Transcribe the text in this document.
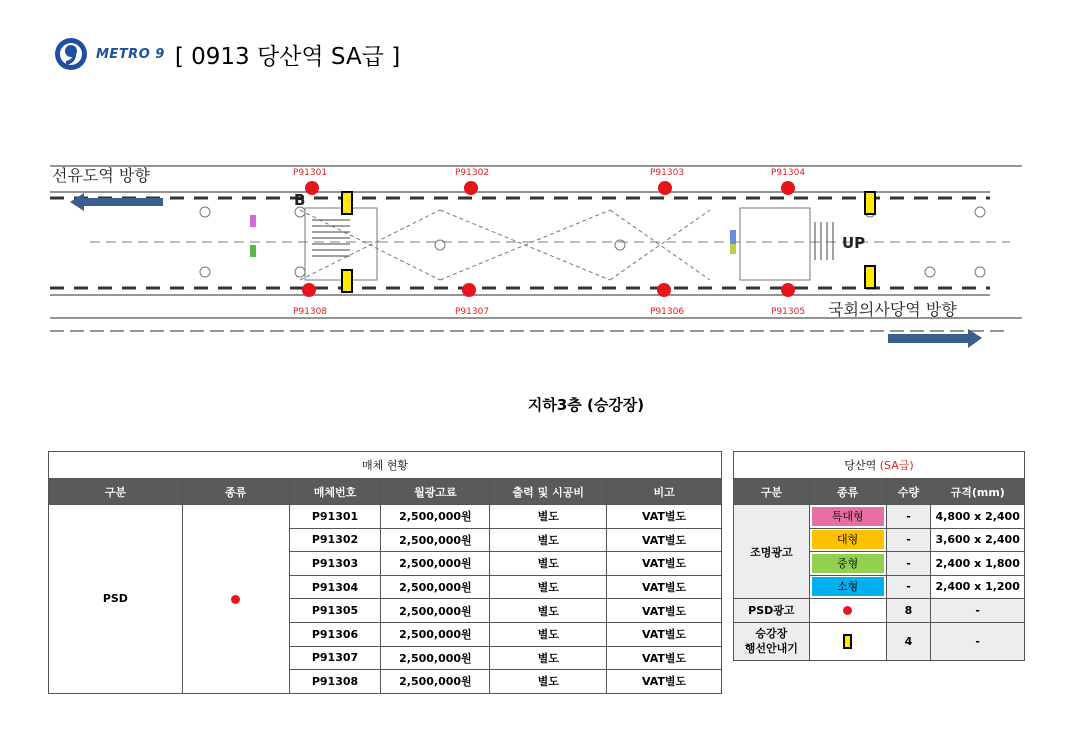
METRO 9 [ 0913 당산역 SA급 ]
선유도역 방향
국회의사당역 방향
B
UP
P91301	P91302	P91303	P91304
P91308	P91307	P91306	P91305
지하3층 (승강장)
매체 현황					
구분	종류	매체번호	월광고료	출력 및 시공비	비고
PSD		P91301	2,500,000원	별도	VAT별도
		P91302	2,500,000원	별도	VAT별도
		P91303	2,500,000원	별도	VAT별도
		P91304	2,500,000원	별도	VAT별도
		P91305	2,500,000원	별도	VAT별도
		P91306	2,500,000원	별도	VAT별도
		P91307	2,500,000원	별도	VAT별도
		P91308	2,500,000원	별도	VAT별도
당산역 (SA급)			
구분	종류	수량	규격(mm)
조명광고	특대형	-	4,800 x 2,400
	대형	-	3,600 x 2,400
	중형	-	2,400 x 1,800
	소형	-	2,400 x 1,200
PSD광고		8	-
승강장
행선안내기		4	-
